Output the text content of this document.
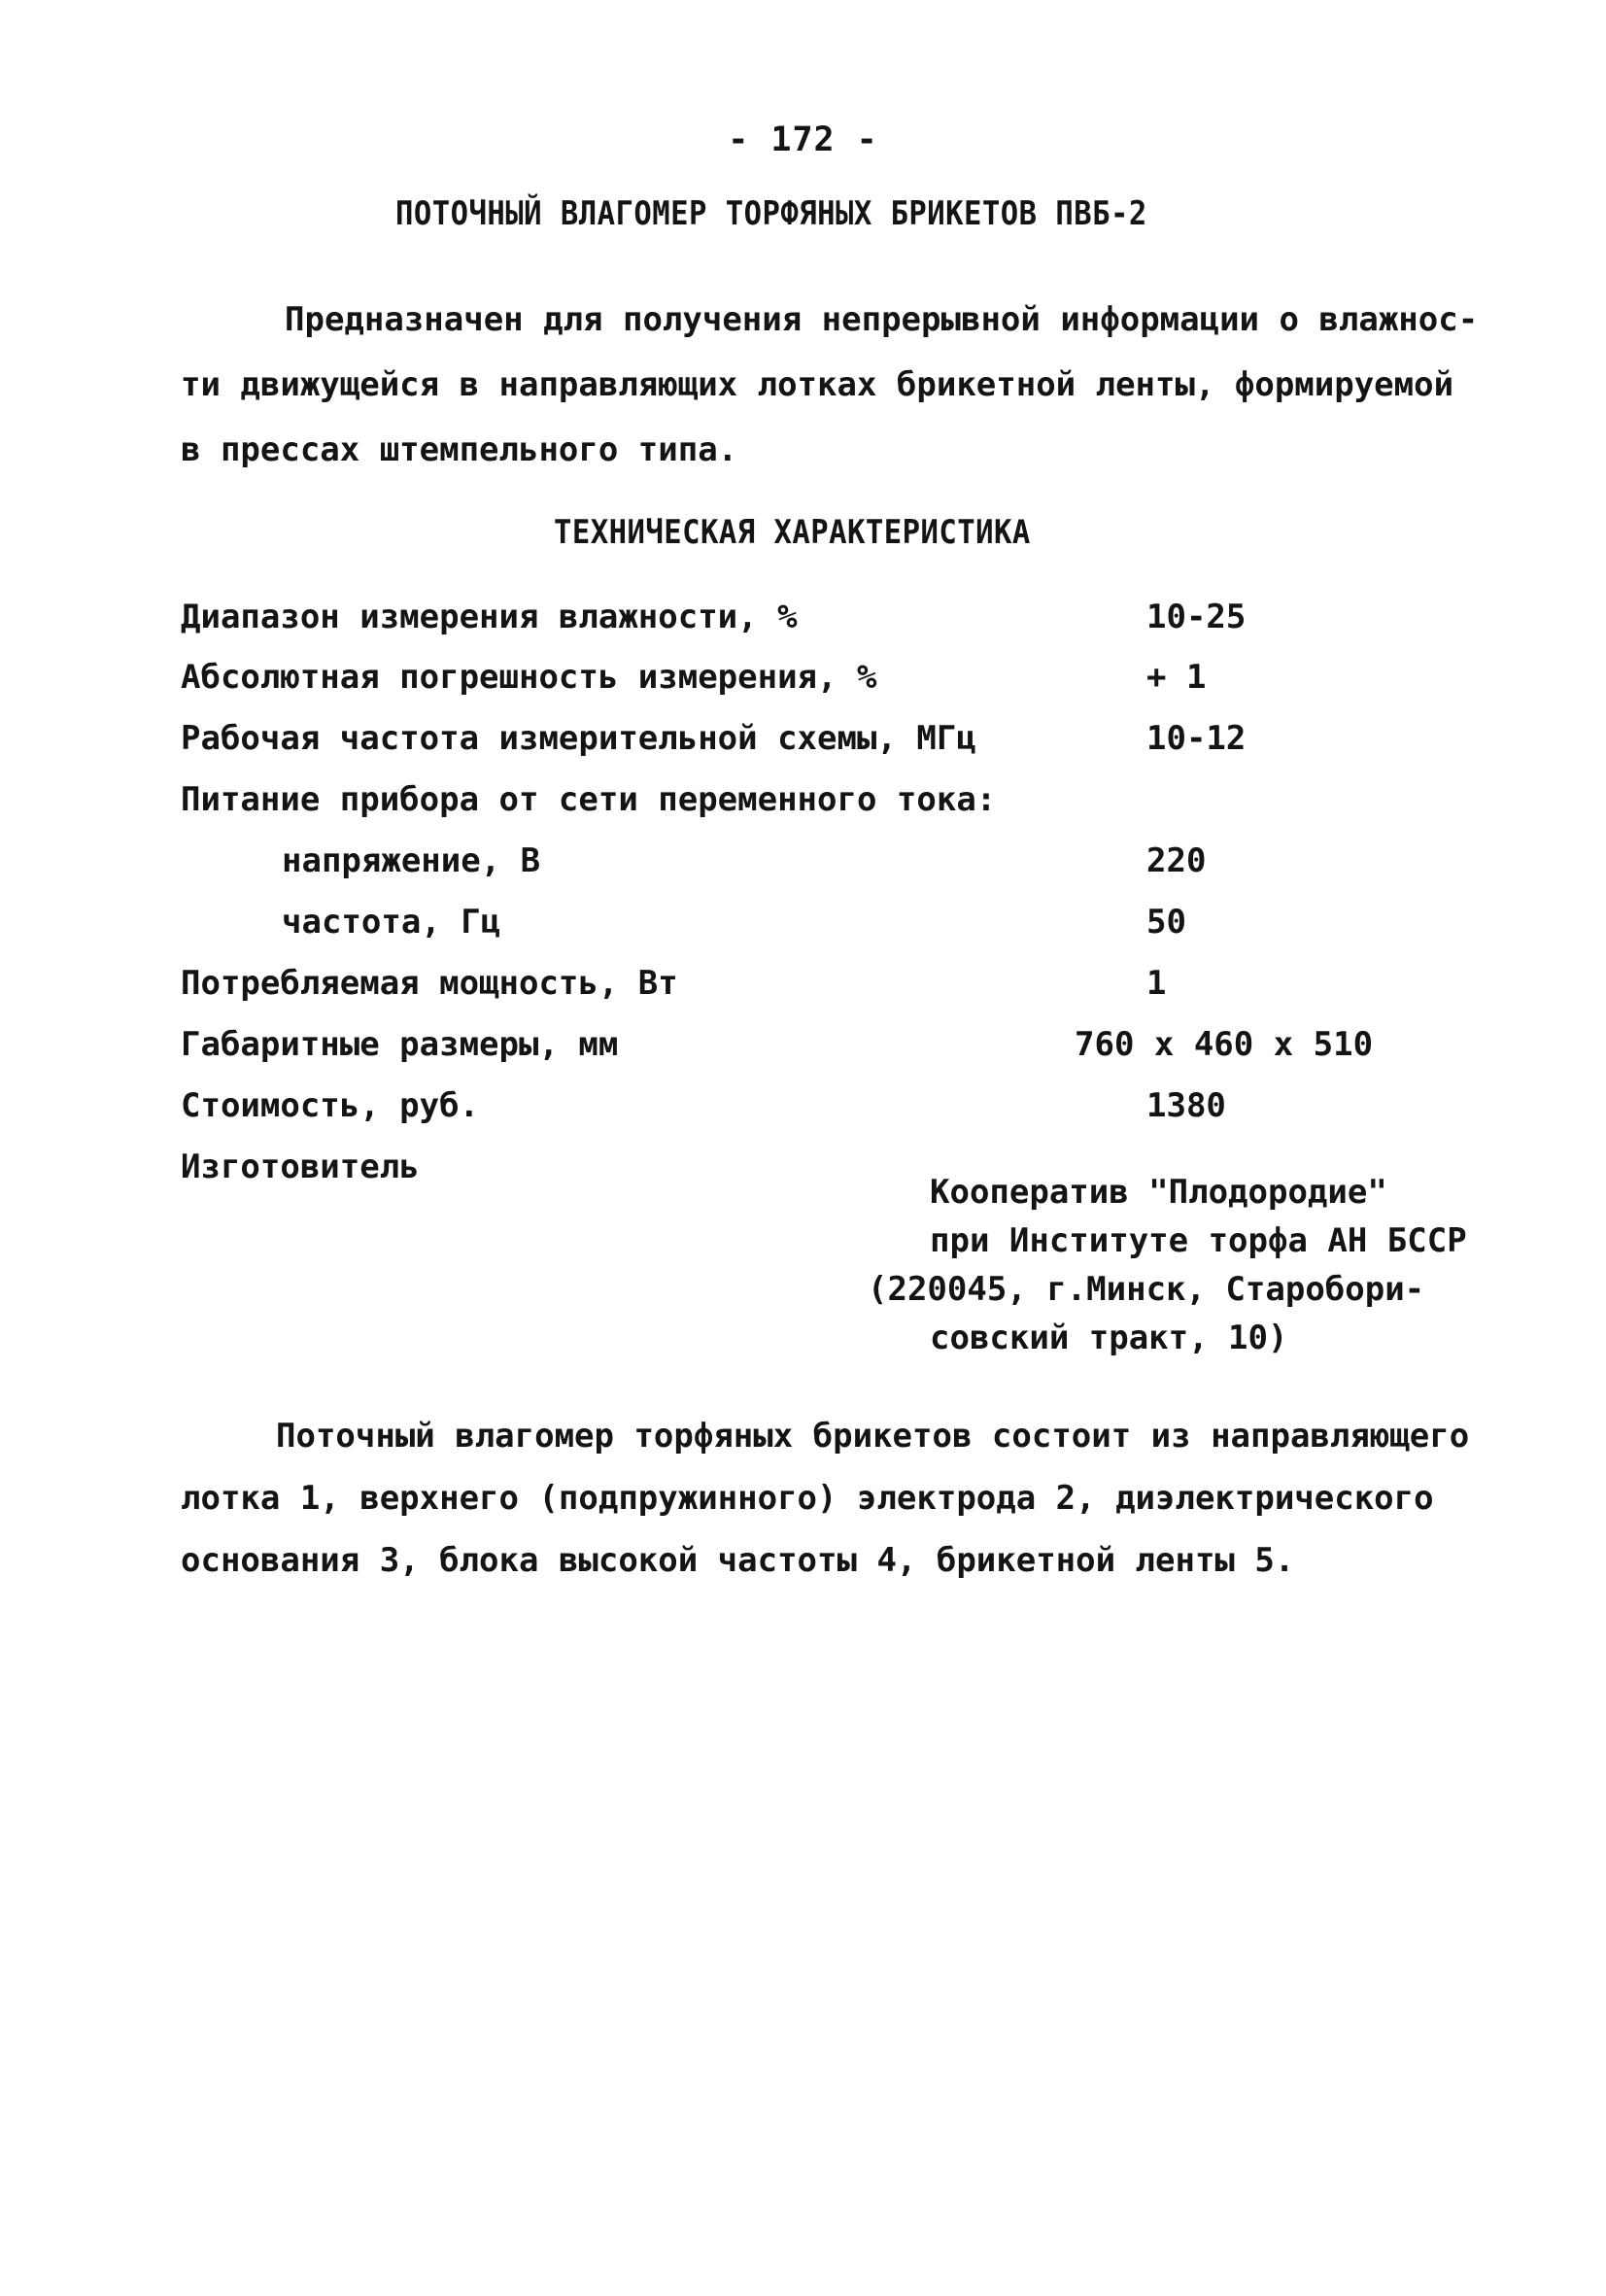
- 172 -
ПОТОЧНЫЙ ВЛАГОМЕР ТОРФЯНЫХ БРИКЕТОВ ПВБ-2
Предназначен для получения непрерывной информации о влажнос-
ти движущейся в направляющих лотках брикетной ленты, формируемой
в прессах штемпельного типа.
ТЕХНИЧЕСКАЯ ХАРАКТЕРИСТИКА
Диапазон измерения влажности, %	10-25
Абсолютная погрешность измерения, %	+ 1
Рабочая частота измерительной схемы, МГц	10-12
Питание прибора от сети переменного тока:
напряжение, В	220
частота, Гц	50
Потребляемая мощность, Вт	1
Габаритные размеры, мм	760 x 460 x 510
Стоимость, руб.	1380
Изготовитель
Кооператив "Плодородие"
при Институте торфа АН БССР
(220045, г.Минск, Старобори-
совский тракт, 10)
Поточный влагомер торфяных брикетов состоит из направляющего
лотка 1, верхнего (подпружинного) электрода 2, диэлектрического
основания 3, блока высокой частоты 4, брикетной ленты 5.
